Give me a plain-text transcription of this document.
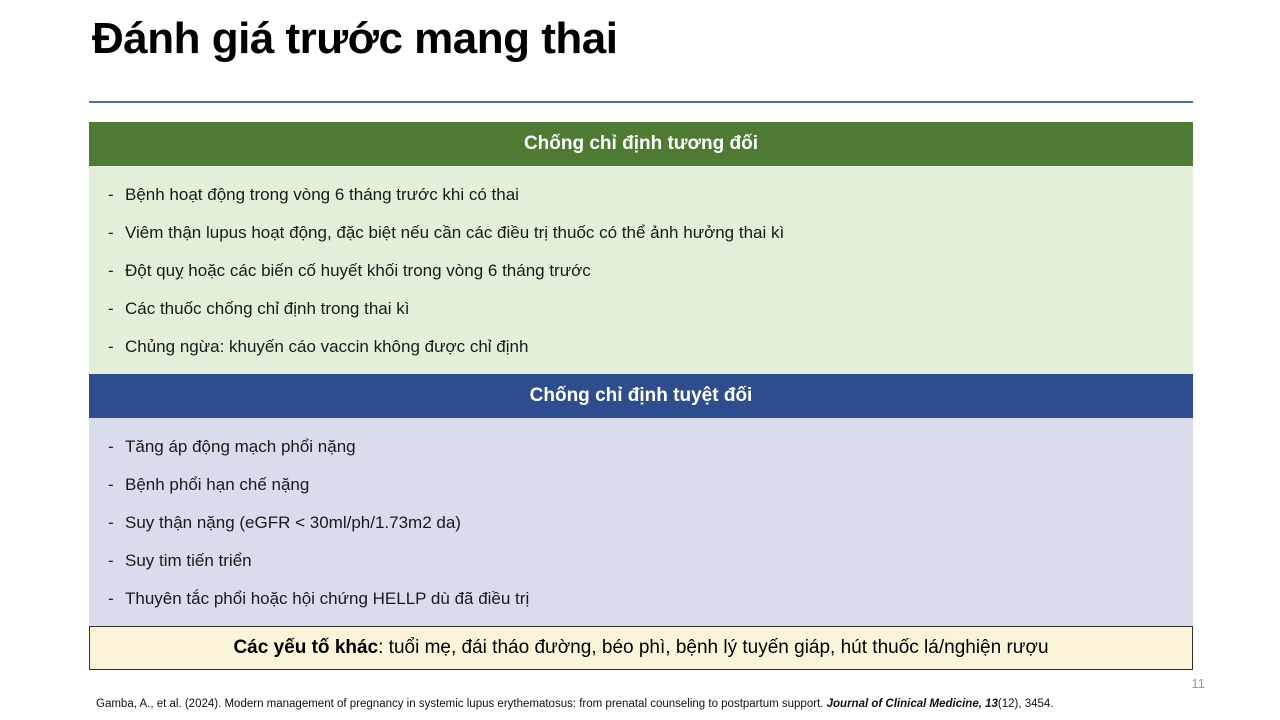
Đánh giá trước mang thai
Chống chỉ định tương đối
- Bệnh hoạt động trong vòng 6 tháng trước khi có thai
- Viêm thận lupus hoạt động, đặc biệt nếu cần các điều trị thuốc có thể ảnh hưởng thai kì
- Đột quỵ hoặc các biến cố huyết khối trong vòng 6 tháng trước
- Các thuốc chống chỉ định trong thai kì
- Chủng ngừa: khuyến cáo vaccin không được chỉ định
Chống chỉ định tuyệt đối
- Tăng áp động mạch phổi nặng
- Bệnh phổi hạn chế nặng
- Suy thận nặng (eGFR < 30ml/ph/1.73m2 da)
- Suy tim tiến triển
- Thuyên tắc phổi hoặc hội chứng HELLP dù đã điều trị
Các yếu tố khác : tuổi mẹ, đái tháo đường, béo phì, bệnh lý tuyến giáp, hút thuốc lá/nghiện rượu
11
Gamba, A., et al. (2024). Modern management of pregnancy in systemic lupus erythematosus: from prenatal counseling to postpartum support. Journal of Clinical Medicine, 13(12), 3454.
